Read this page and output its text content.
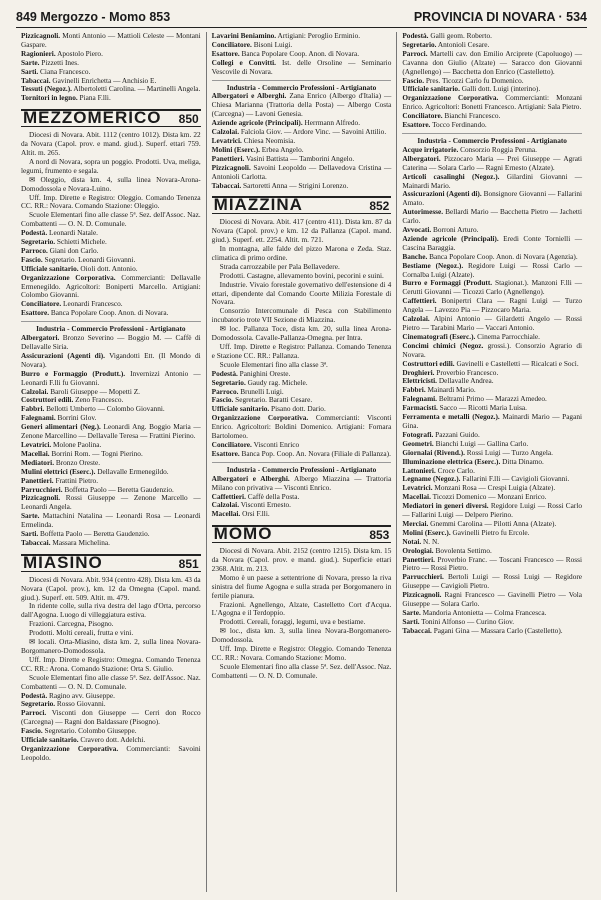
849 Mergozzo - Momo 853	PROVINCIA DI NOVARA · 534

Pizzicagnoli. Monti Antonio — Mattioli Celeste — Montani Gaspare.

Ragionieri. Apostolo Piero.

Sarte. Pizzetti Ines.

Sarti. Ciana Francesco.

Tabaccai. Gavinelli Enrichetta — Anchisio E.

Tessuti (Negoz.). Albertoletti Carolina. — Martinelli Angela.

Tornitori in legno. Piana F.lli.

MEZZOMERICO 850

Diocesi di Novara. Abit. 1112 (centro 1012). Dista km. 22 da Novara (Capol. prov. e mand. giud.). Superf. ettari 759. Altit. m. 265.

A nord di Novara, sopra un poggio. Prodotti. Uva, meliga, legumi, frumento e segala.

✉ Oleggio, dista km. 4, sulla linea Novara-Arona-Domodossola e Novara-Luino.

Uff. Imp. Dirette e Registro: Oleggio. Comando Tenenza CC. RR.: Novara. Comando Stazione: Oleggio.

Scuole Elementari fino alle classe 5ª. Sez. dell'Assoc. Naz. Combattenti — O. N. D. Comunale.

Podestà. Leonardi Natale.

Segretario. Schietti Michele.

Parroco. Giani don Carlo.

Fascio. Segretario. Leonardi Giovanni.

Ufficiale sanitario. Oioli dott. Antonio.

Organizzazione Corporativa. Commercianti: Dellavalle Ermenegildo. Agricoltori: Boniperti Marcello. Artigiani: Colombo Giovanni.

Conciliatore. Leonardi Francesco.

Esattore. Banca Popolare Coop. Anon. di Novara.

Industria - Commercio Professioni - Artigianato

Albergatori. Bronzo Severino — Boggio M. — Caffè di Dellavalle Siria.

Assicurazioni (Agenti di). Vigandotti Ett. (Il Mondo di Novara).

Burro e Formaggio (Produtt.). Invernizzi Antonio — Leonardi F.lli fu Giovanni.

Calzolai. Baroli Giuseppe — Mopetti Z.

Costruttori edili. Zeno Francesco.

Fabbri. Bellotti Umberto — Colombo Giovanni.

Falegnami. Borrini Glov.

Generi alimentari (Neg.). Leonardi Ang. Boggio Maria — Zenone Marcellino — Dellavalle Teresa — Frattini Pierino.

Levatrici. Molone Paolina.

Macellai. Borrini Rom. — Togni Pierino.

Mediatori. Bronzo Oreste.

Mulini elettrici (Eserc.). Dellavalle Ermenegildo.

Panettieri. Frattini Pietro.

Parrucchieri. Boffetta Paolo — Beretta Gaudenzio.

Pizzicagnoli. Rossi Giuseppe — Zenone Marcello — Leonardi Angela.

Sarte. Mattachini Natalina — Leonardi Rosa — Leonardi Ermelinda.

Sarti. Boffetta Paolo — Beretta Gaudenzio.

Tabaccai. Massara Michelina.

MIASINO	851

Diocesi di Novara. Abit. 934 (centro 428). Dista km. 43 da Novara (Capol. prov.), km. 12 da Omegna (Capol. mand. giud.). Superf. ett. 509. Altit. m. 479.

In ridente colle, sulla riva destra del lago d'Orta, percorso dall'Agogna. Luogo di villeggiatura estiva.

Frazioni. Carcegna, Pisogno.

Prodotti. Molti cereali, frutta e vini.

✉ locali. Orta-Miasino, dista km. 2, sulla linea Novara-Borgomanero-Domodossola.

Uff. Imp. Dirette e Registro: Omegna. Comando Tenenza CC. RR.: Arona. Comando Stazione: Orta S. Giulio.

Scuole Elementari fino alle classe 5ª. Sez. dell'Assoc. Naz. Combattenti — O. N. D. Comunale.

Podestà. Ragino avv. Giuseppe.

Segretario. Rosso Giovanni.

Parroci. Visconti don Giuseppe — Cerri don Rocco (Carcegna) — Ragni don Baldassare (Pisogno).

Fascio. Segretario. Colombo Giuseppe.

Ufficiale sanitario. Cravero dott. Adelchi.

Organizzazione Corporativa. Commercianti: Savoini Leopoldo.

Lavarini Beniamino. Artigiani: Peroglio Erminio.

Conciliatore. Bisoni Luigi.

Esattore. Banca Popolare Coop. Anon. di Novara.

Collegi e Convitti. Ist. delle Orsoline — Seminario Vescovile di Novara.

Industria - Commercio Professioni - Artigianato

Albergatori e Alberghi. Zana Enrico (Albergo d'Italia) — Chiesa Marianna (Trattoria della Posta) — Albergo Costa (Carcegna) — Lavoni Genesia.

Aziende agricole (Principali). Herrmann Alfredo.

Calzolai. Falciola Giov. — Ardore Vinc. — Savoini Attilio.

Levatrici. Chiesa Neomisia.

Molini (Eserc.). Erbea Angelo.

Panettieri. Vasini Battista — Tamborini Angelo.

Pizzicagnoli. Savoini Leopoldo — Dellavedova Cristina — Antonioli Carlotta.

Tabaccai. Sartoretti Anna — Strigini Lorenzo.

MIAZZINA	852

Diocesi di Novara. Abit. 417 (centro 411). Dista km. 87 da Novara (Capol. prov.) e km. 12 da Pallanza (Capol. mand. giud.). Superf. ett. 2254. Altit. m. 721.

In montagna, alle falde del pizzo Marona e Zeda. Staz. climatica di primo ordine.

Strada carrozzabile per Pala Bellavedere.

Prodotti. Castagne, allevamento bovini, pecorini e suini.

Industrie. Vivaio forestale governativo dell'estensione di 4 ettari, dipendente dal Comando Coorte Milizia Forestale di Novara.

Consorzio Intercomunale di Pesca con Stabilimento incubatorio trote VII Sezione di Miazzina.

✉ loc. Pallanza Toce, dista km. 20, sulla linea Arona-Domodossola. Cavalle-Pallanza-Omegna. per Intra.

Uff. Imp. Dirette e Registro: Pallanza. Comando Tenenza e Stazione CC. RR.: Pallanza.

Scuole Elementari fino alla classe 3ª.

Podestà. Panighini Oreste.

Segretario. Gaudy rag. Michele.

Parroco. Brunelli Luigi.

Fascio. Segretario. Baratti Cesare.

Ufficiale sanitario. Pisano dott. Dario.

Organizzazione Corporativa. Commercianti: Visconti Enrico. Agricoltori: Boldini Domenico. Artigiani: Fornara Bartolomeo.

Conciliatore. Visconti Enrico

Esattore. Banca Pop. Coop. An. Novara (Filiale di Pallanza).

Industria - Commercio Professioni - Artigianato

Albergatori e Alberghi. Albergo Miazzina — Trattoria Milano con privativa — Visconti Enrico.

Caffettieri. Caffè della Posta.

Calzolai. Visconti Ernesto.

Macellai. Orsi F.lli.

MOMO	853

Diocesi di Novara. Abit. 2152 (centro 1215). Dista km. 15 da Novara (Capol. prov. e mand. giud.). Superficie ettari 2368. Altit. m. 213.

Momo è un paese a settentrione di Novara, presso la riva sinistra del fiume Agogna e sulla strada per Borgomanero in fertile pianura.

Frazioni. Agnellengo, Alzate, Castelletto Cort d'Acqua. L'Agogna e il Terdoppio.

Prodotti. Cereali, foraggi, legumi, uva e bestiame.

✉ loc., dista km. 3, sulla linea Novara-Borgomanero-Domodossola.

Uff. Imp. Dirette e Registro: Oleggio. Comando Tenenza CC. RR.: Novara. Comando Stazione: Momo.

Scuole Elementari fino alla classe 5ª. Sez. dell'Assoc. Naz. Combattenti — O. N. D. Comunale.

Podestà. Galli geom. Roberto.

Segretario. Antonioli Cesare.

Parroci. Martelli cav. don Emilio Arciprete (Capoluogo) — Cavanna don Giulio (Alzate) — Saracco don Giovanni (Agnellengo) — Bacchetta don Enrico (Castelletto).

Fascio. Pres. Ticozzi Carlo fu Domenico.

Ufficiale sanitario. Galli dott. Luigi (interino).

Organizzazione Corporativa. Commercianti: Monzani Enrico. Agricoltori: Bonetti Francesco. Artigiani: Sala Pietro.

Conciliatore. Bianchi Francesco.

Esattore. Tocco Ferdinando.

Industria - Commercio Professioni - Artigianato

Acque irrigatorie. Consorzio Roggia Peruna.

Albergatori. Pizzocaro Maria — Prei Giuseppe — Agrati Caterina — Solara Carlo — Ragni Ernesto (Alzate).

Articoli casalinghi (Negoz.). Gilardini Giovanni — Mainardi Mario.

Assicurazioni (Agenti di). Bonsignore Giovanni — Fallarini Amato.

Autorimesse. Bellardi Mario — Bacchetta Pietro — Jachetti Carlo.

Avvocati. Borroni Arturo.

Aziende agricole (Principali). Eredi Conte Tornielli — Cascina Baraggia.

Banche. Banca Popolare Coop. Anon. di Novara (Agenzia).

Bestiame (Negoz.). Regidore Luigi — Rossi Carlo — Cornalba Luigi (Alzate).

Burro e Formaggi (Produtt. Stagionat.). Manzoni F.lli — Cerutti Giovanni — Ticozzi Carlo (Agnellengo).

Caffettieri. Bonipertri Clara — Ragni Luigi — Turzo Angela — Lavezzo Pia — Pizzocaro Maria.

Calzolai. Alpini Antonio — Gilardetti Angelo — Rossi Pietro — Tarabini Mario — Vaccari Antonio.

Cinematografi (Eserc.). Cinema Parrocchiale.

Concimi chimici (Negoz. grossi.). Consorzio Agrario di Novara.

Costruttori edili. Gavinelli e Castelletti — Ricalcati e Socì.

Droghieri. Proverbio Francesco.

Elettricisti. Dellavalle Andrea.

Fabbri. Mainardi Mario.

Falegnami. Beltrami Primo — Marazzi Amedeo.

Farmacisti. Sacco — Ricotti Maria Luisa.

Ferramenta e metalli (Negoz.). Mainardi Mario — Pagani Gina.

Fotografi. Pazzani Guido.

Geometri. Bianchi Luigi — Gallina Carlo.

Giornalai (Rivend.). Rossi Luigi — Turzo Angela.

Illuminazione elettrica (Eserc.). Ditta Dinamo.

Lattonieri. Croce Carlo.

Legname (Negoz.). Fallarini F.lli — Cavigioli Giovanni.

Levatrici. Monzani Rosa — Crespi Luigia (Alzate).

Macellai. Ticozzi Domenico — Monzani Enrico.

Mediatori in generi diversi. Regidore Luigi — Rossi Carlo — Fallarini Luigi — Delpero Pierino.

Merciai. Gnemmi Carolina — Pilotti Anna (Alzate).

Molini (Eserc.). Gavinelli Pietro fu Ercole.

Notai. N. N.

Orologiai. Bovolenta Settimo.

Panettieri. Proverbio Franc. — Toscani Francesco — Rossi Pietro — Rossi Pietro.

Parrucchieri. Bertoli Luigi — Rossi Luigi — Regidore Giuseppe — Cavigioli Pietro.

Pizzicagnoli. Ragni Francesco — Gavinelli Pietro — Vola Giuseppe — Solara Carlo.

Sarte. Mandoria Antonietta — Colma Francesca.

Sarti. Tonini Alfonso — Curino Giov.

Tabaccai. Pagani Gina — Massara Carlo (Castelletto).
